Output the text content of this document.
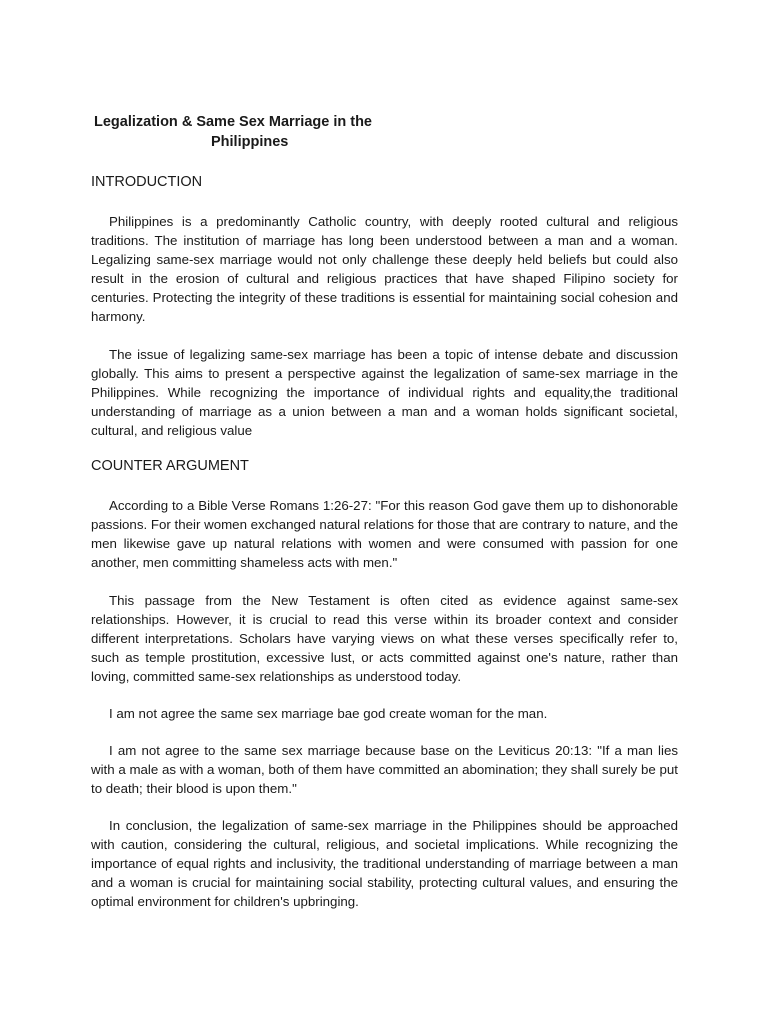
Legalization & Same Sex Marriage in the
Philippines
INTRODUCTION

Philippines is a predominantly Catholic country, with deeply rooted cultural and religious traditions. The institution of marriage has long been understood between a man and a woman. Legalizing same-sex marriage would not only challenge these deeply held beliefs but could also result in the erosion of cultural and religious practices that have shaped Filipino society for centuries. Protecting the integrity of these traditions is essential for maintaining social cohesion and harmony.

The issue of legalizing same-sex marriage has been a topic of intense debate and discussion globally. This aims to present a perspective against the legalization of same-sex marriage in the Philippines. While recognizing the importance of individual rights and equality,the traditional understanding of marriage as a union between a man and a woman holds significant societal, cultural, and religious value

COUNTER ARGUMENT

According to a Bible Verse Romans 1:26-27: "For this reason God gave them up to dishonorable passions. For their women exchanged natural relations for those that are contrary to nature, and the men likewise gave up natural relations with women and were consumed with passion for one another, men committing shameless acts with men."

This passage from the New Testament is often cited as evidence against same-sex relationships. However, it is crucial to read this verse within its broader context and consider different interpretations. Scholars have varying views on what these verses specifically refer to, such as temple prostitution, excessive lust, or acts committed against one's nature, rather than loving, committed same-sex relationships as understood today.

I am not agree the same sex marriage bae god create woman for the man.

I am not agree to the same sex marriage because base on the Leviticus 20:13: "If a man lies with a male as with a woman, both of them have committed an abomination; they shall surely be put to death; their blood is upon them."

In conclusion, the legalization of same-sex marriage in the Philippines should be approached with caution, considering the cultural, religious, and societal implications. While recognizing the importance of equal rights and inclusivity, the traditional understanding of marriage between a man and a woman is crucial for maintaining social stability, protecting cultural values, and ensuring the optimal environment for children's upbringing.
